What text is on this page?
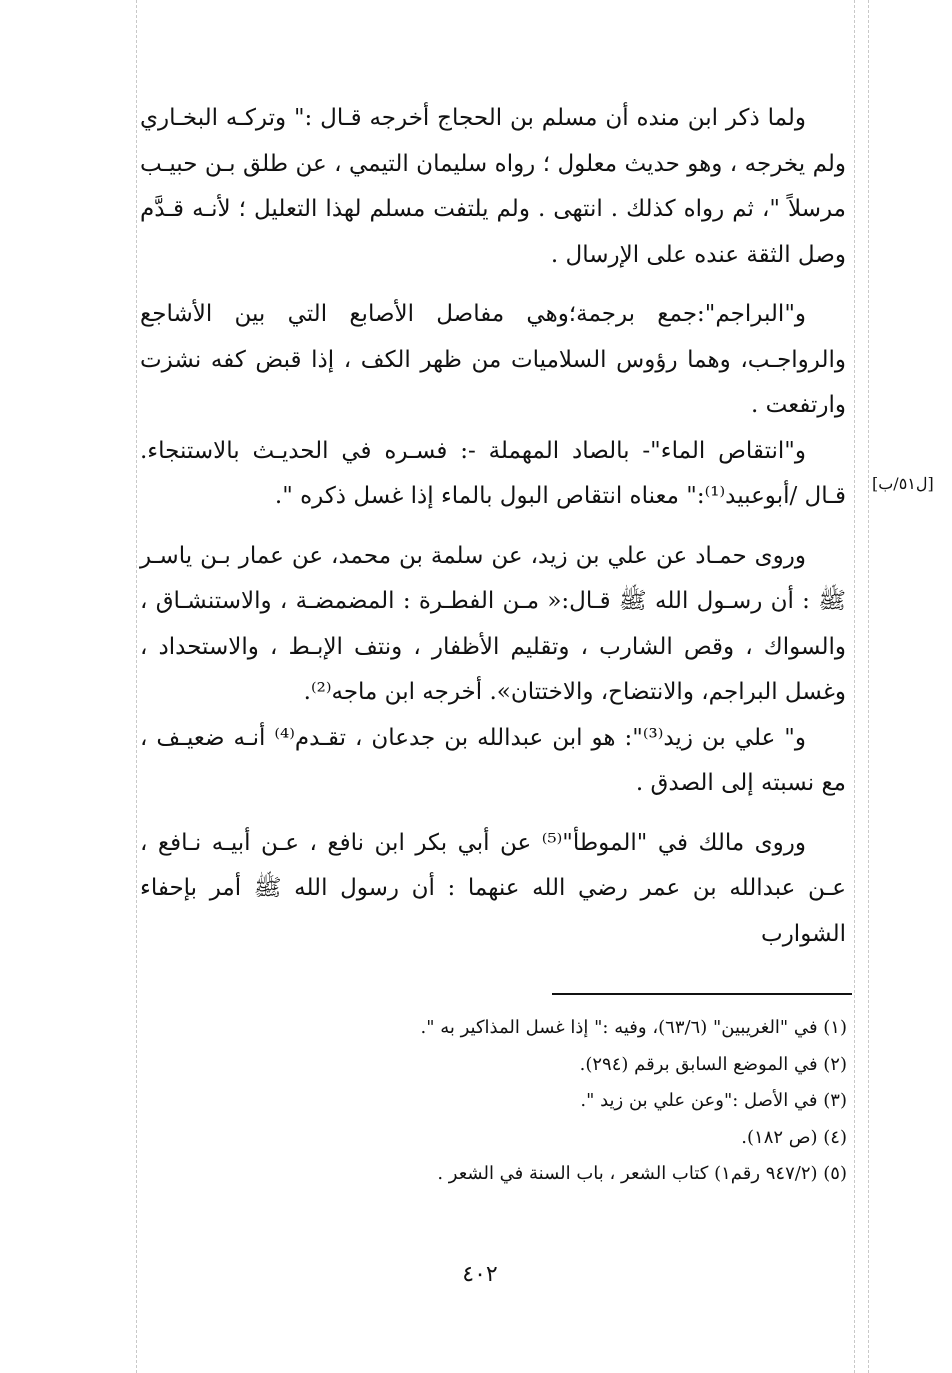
ولما ذكر ابن منده أن مسلم بن الحجاج أخرجه قـال :" وتركـه البخـاري ولم يخرجه ، وهو حديث معلول ؛ رواه سليمان التيمي ، عن طلق بـن حبيـب مرسلاً "، ثم رواه كذلك . انتهى . ولم يلتفت مسلم لهذا التعليل ؛ لأنـه قـدَّم وصل الثقة عنده على الإرسال .

و"البراجم":جمع برجمة؛وهي مفاصل الأصابع التي بين الأشاجع والرواجـب، وهما رؤوس السلاميات من ظهر الكف ، إذا قبض كفه نشزت وارتفعت .

و"انتقاص الماء"- بالصاد المهملة -: فسـره في الحديـث بالاستنجاء. قـال /أبوعبيد⁽¹⁾:" معناه انتقاص البول بالماء إذا غسل ذكره ".

وروى حمـاد عن علي بن زيد، عن سلمة بن محمد، عن عمار بـن ياسـر ﷺ : أن رسـول الله ﷺ قـال:« مـن الفطـرة : المضمضـة ، والاستنشـاق ، والسواك ، وقص الشارب ، وتقليم الأظفار ، ونتف الإبـط ، والاستحداد ، وغسل البراجم، والانتضاح، والاختتان». أخرجه ابن ماجه⁽²⁾.

و" علي بن زيد⁽³⁾": هو ابن عبدالله بن جدعان ، تقـدم⁽⁴⁾ أنـه ضعيـف ، مع نسبته إلى الصدق .

وروى مالك في "الموطأ"⁽⁵⁾ عن أبي بكر ابن نافع ، عـن أبيـه نـافع ، عـن عبدالله بن عمر رضي الله عنهما : أن رسول الله ﷺ أمر بإحفاء الشوارب

[ل٥١/ب]

(١) في "الغريبين" (٦٣/٦)، وفيه :" إذا غسل المذاكير به ".

(٢) في الموضع السابق برقم (٢٩٤).

(٣) في الأصل :"وعن علي بن زيد ".

(٤) (ص ١٨٢).

(٥) (٩٤٧/٢ رقم١) كتاب الشعر ، باب السنة في الشعر .

٤٠٢
